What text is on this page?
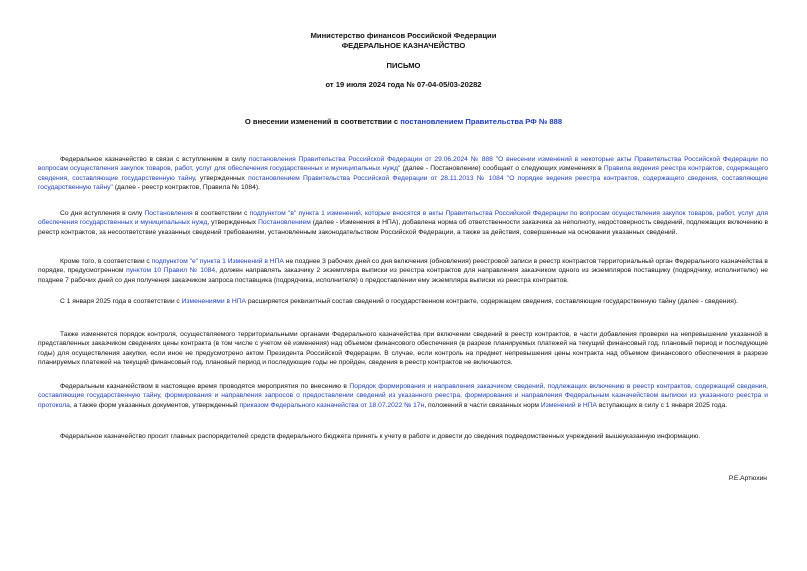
Министерство финансов Российской Федерации
ФЕДЕРАЛЬНОЕ КАЗНАЧЕЙСТВО
ПИСЬМО
от 19 июля 2024 года № 07-04-05/03-20282
О внесении изменений в соответствии с постановлением Правительства РФ № 888

Федеральное казначейство в связи с вступлением в силу постановления Правительства Российской Федерации от 29.06.2024 № 888 "О внесении изменений в некоторые акты Правительства Российской Федерации по вопросам осуществления закупок товаров, работ, услуг для обеспечения государственных и муниципальных нужд" (далее - Постановление) сообщает о следующих изменениях в Правила ведения реестра контрактов, содержащего сведения, составляющие государственную тайну, утвержденных постановлением Правительства Российской Федерации от 28.11.2013 № 1084 "О порядке ведения реестра контрактов, содержащего сведения, составляющие государственную тайну" (далее - реестр контрактов, Правила № 1084).

Со дня вступления в силу Постановления в соответствии с подпунктом "в" пункта 1 изменений, которые вносятся в акты Правительства Российской Федерации по вопросам осуществления закупок товаров, работ, услуг для обеспечения государственных и муниципальных нужд, утвержденных Постановлением (далее - Изменения в НПА), добавлена норма об ответственности заказчика за неполноту, недостоверность сведений, подлежащих включению в реестр контрактов, за несоответствие указанных сведений требованиям, установленным законодательством Российской Федерации, а также за действия, совершенные на основании указанных сведений.

Кроме того, в соответствии с подпунктом "е" пункта 1 Изменений в НПА не позднее 3 рабочих дней со дня включения (обновления) реестровой записи в реестр контрактов территориальный орган Федерального казначейства в порядке, предусмотренном пунктом 10 Правил № 1084, должен направлять заказчику 2 экземпляра выписки из реестра контрактов для направления заказчиком одного из экземпляров поставщику (подрядчику, исполнителю) не позднее 7 рабочих дней со дня получения заказчиком запроса поставщика (подрядчика, исполнителя) о предоставлении ему экземпляра выписки из реестра контрактов.

С 1 января 2025 года в соответствии с Изменениями в НПА расширяется реквизитный состав сведений о государственном контракте, содержащем сведения, составляющие государственную тайну (далее - сведения).

Также изменяется порядок контроля, осуществляемого территориальными органами Федерального казначейства при включении сведений в реестр контрактов, в части добавления проверки на непревышение указанной в представленных заказчиком сведениях цены контракта (в том числе с учетом её изменения) над объемом финансового обеспечения (в разрезе планируемых платежей на текущий финансовый год, плановый период и последующие годы) для осуществления закупки, если иное не предусмотрено актом Президента Российской Федерации. В случае, если контроль на предмет непревышения цены контракта над объемом финансового обеспечения в разрезе планируемых платежей на текущий финансовый год, плановый период и последующие годы не пройден, сведения в реестр контрактов не включаются.

Федеральным казначейством в настоящее время проводятся мероприятия по внесению в Порядок формирования и направления заказчиком сведений, подлежащих включению в реестр контрактов, содержащий сведения, составляющие государственную тайну, формирования и направления запросов о предоставлении сведений из указанного реестра, формирования и направления Федеральным казначейством выписки из указанного реестра и протокола, а также форм указанных документов, утвержденный приказом Федерального казначейства от 18.07.2022 № 17н, положений в части связанных норм Изменений в НПА вступающих в силу с 1 января 2025 года.

Федеральное казначейство просит главных распорядителей средств федерального бюджета принять к учету в работе и довести до сведения подведомственных учреждений вышеуказанную информацию.

Р.Е.Артюхин
